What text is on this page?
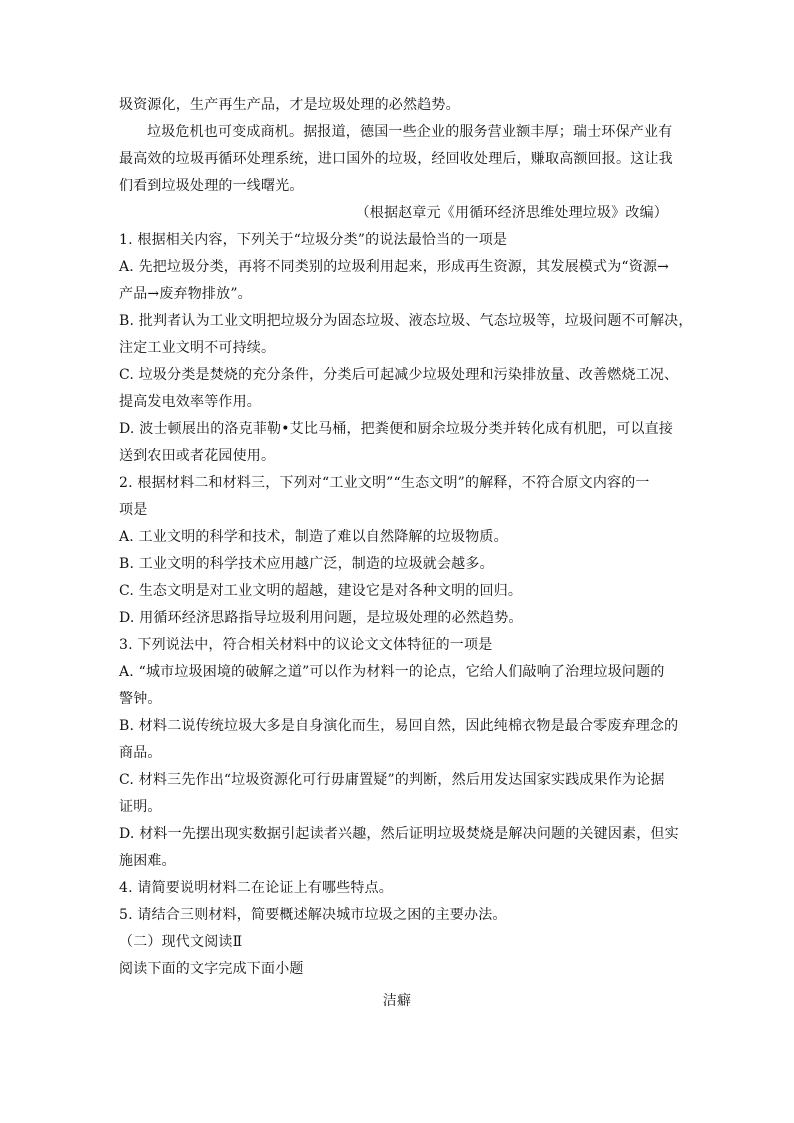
圾资源化，生产再生产品，才是垃圾处理的必然趋势。
垃圾危机也可变成商机。据报道，德国一些企业的服务营业额丰厚；瑞士环保产业有
最高效的垃圾再循环处理系统，进口国外的垃圾，经回收处理后，赚取高额回报。这让我
们看到垃圾处理的一线曙光。
（根据赵章元《用循环经济思维处理垃圾》改编）
1. 根据相关内容，下列关于“垃圾分类”的说法最恰当的一项是
A. 先把垃圾分类，再将不同类别的垃圾利用起来，形成再生资源，其发展模式为“资源→
产品→废弃物排放”。
B. 批判者认为工业文明把垃圾分为固态垃圾、液态垃圾、气态垃圾等，垃圾问题不可解决，
注定工业文明不可持续。
C. 垃圾分类是焚烧的充分条件，分类后可起减少垃圾处理和污染排放量、改善燃烧工况、
提高发电效率等作用。
D. 波士顿展出的洛克菲勒•艾比马桶，把粪便和厨余垃圾分类并转化成有机肥，可以直接
送到农田或者花园使用。
2. 根据材料二和材料三，下列对“工业文明”“生态文明”的解释，不符合原文内容的一
项是
A. 工业文明的科学和技术，制造了难以自然降解的垃圾物质。
B. 工业文明的科学技术应用越广泛，制造的垃圾就会越多。
C. 生态文明是对工业文明的超越，建设它是对各种文明的回归。
D. 用循环经济思路指导垃圾利用问题，是垃圾处理的必然趋势。
3. 下列说法中，符合相关材料中的议论文文体特征的一项是
A. “城市垃圾困境的破解之道”可以作为材料一的论点，它给人们敲响了治理垃圾问题的
警钟。
B. 材料二说传统垃圾大多是自身演化而生，易回自然，因此纯棉衣物是最合零废弃理念的
商品。
C. 材料三先作出“垃圾资源化可行毋庸置疑”的判断，然后用发达国家实践成果作为论据
证明。
D. 材料一先摆出现实数据引起读者兴趣，然后证明垃圾焚烧是解决问题的关键因素，但实
施困难。
4. 请简要说明材料二在论证上有哪些特点。
5. 请结合三则材料，简要概述解决城市垃圾之困的主要办法。
（二）现代文阅读Ⅱ
阅读下面的文字完成下面小题
洁癖
